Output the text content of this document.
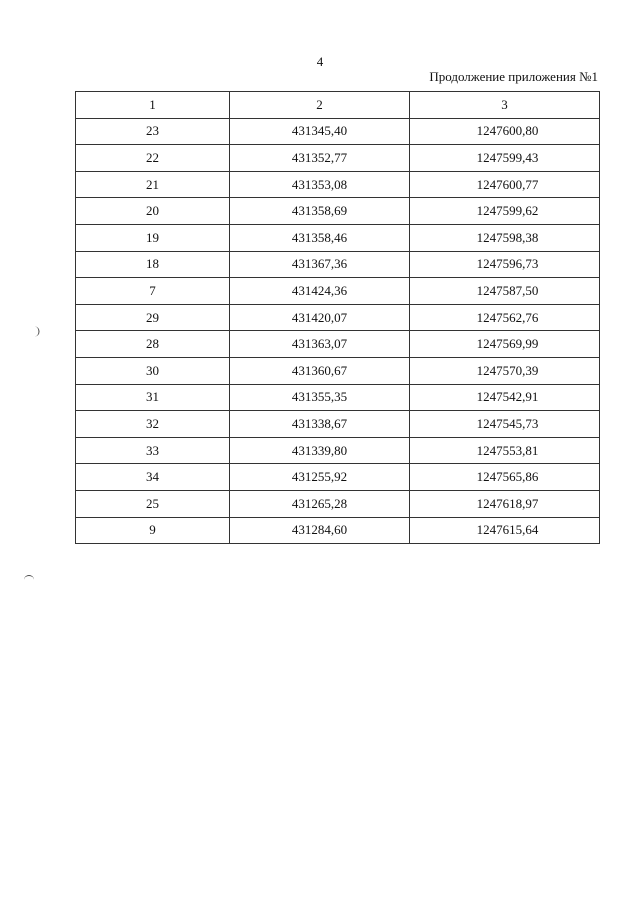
4
Продолжение приложения №1
1	2	3
23	431345,40	1247600,80
22	431352,77	1247599,43
21	431353,08	1247600,77
20	431358,69	1247599,62
19	431358,46	1247598,38
18	431367,36	1247596,73
7	431424,36	1247587,50
29	431420,07	1247562,76
28	431363,07	1247569,99
30	431360,67	1247570,39
31	431355,35	1247542,91
32	431338,67	1247545,73
33	431339,80	1247553,81
34	431255,92	1247565,86
25	431265,28	1247618,97
9	431284,60	1247615,64
